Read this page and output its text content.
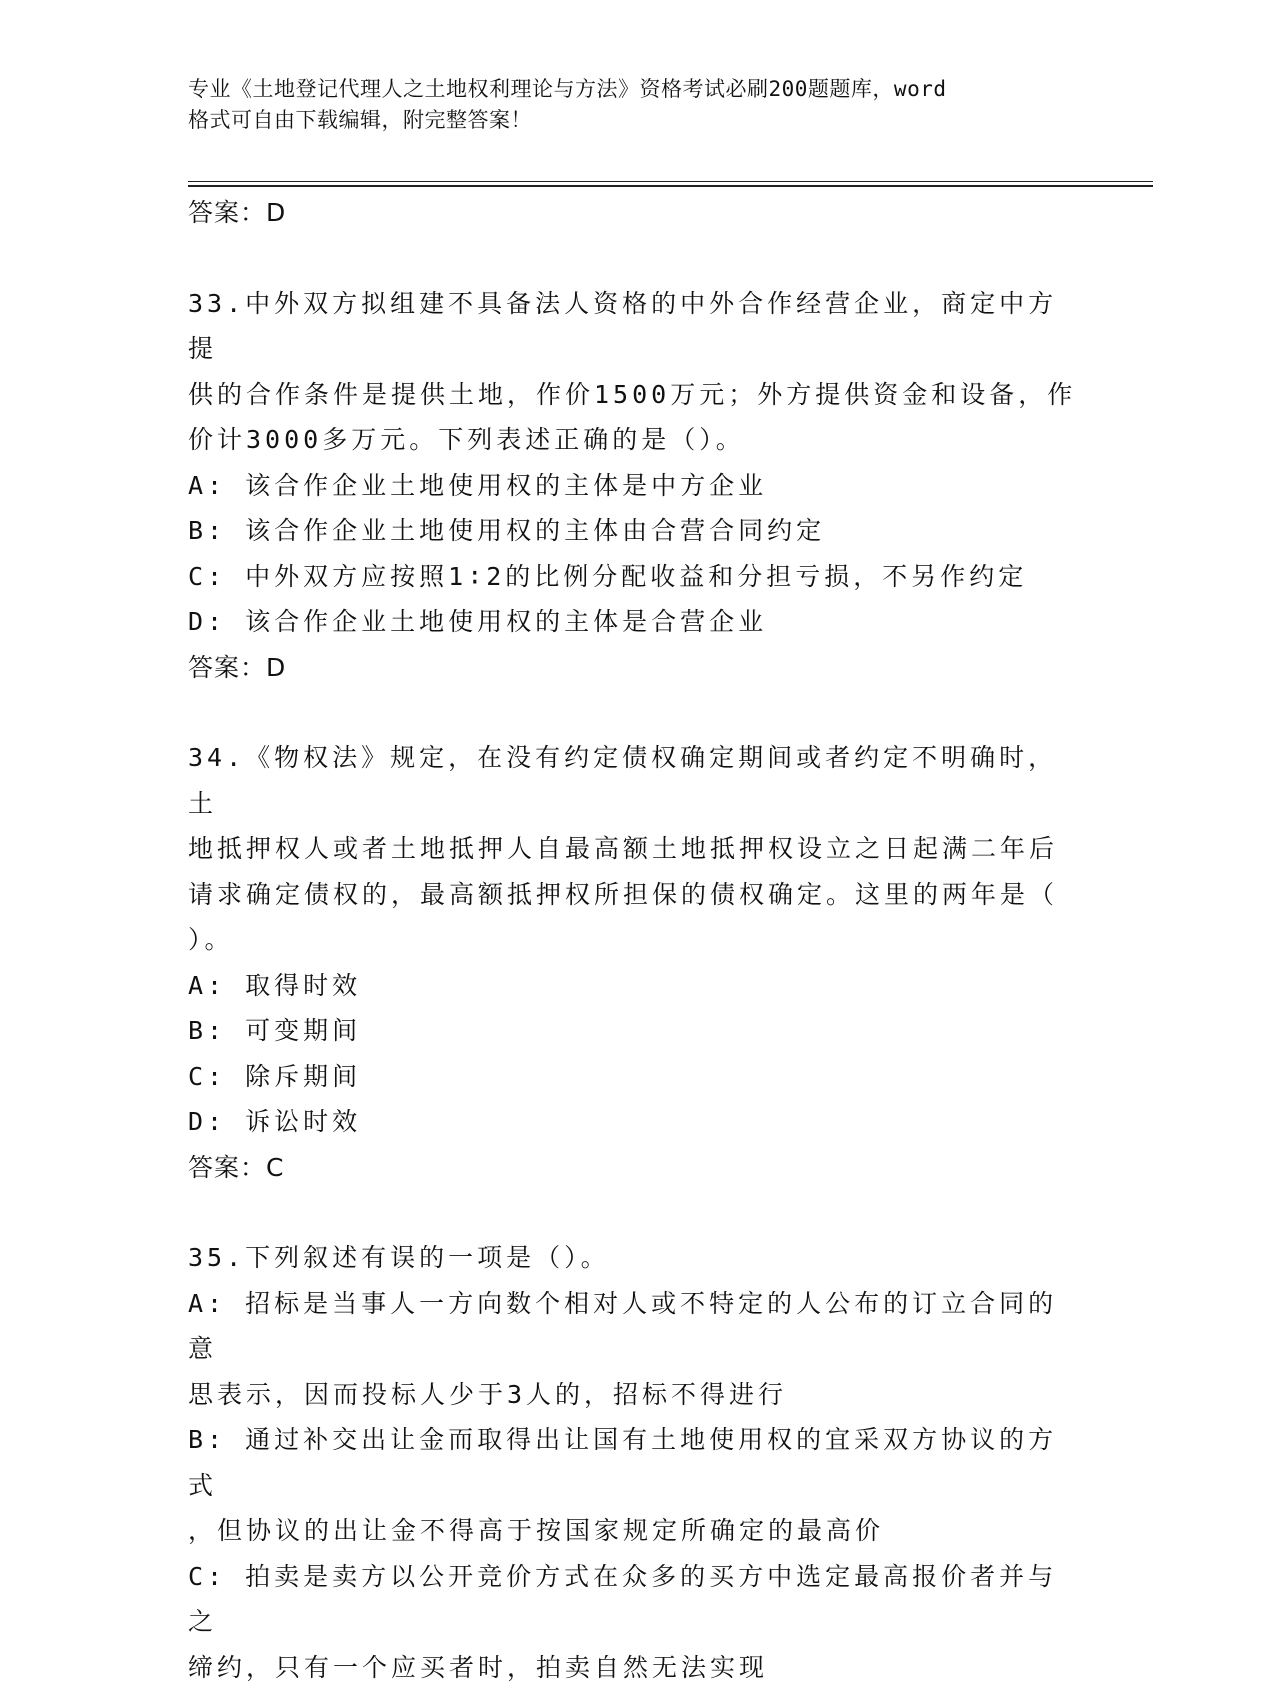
专业《土地登记代理人之土地权利理论与方法》资格考试必刷200题题库，word

格式可自由下载编辑，附完整答案！

答案：D

33.中外双方拟组建不具备法人资格的中外合作经营企业，商定中方提

供的合作条件是提供土地，作价1500万元；外方提供资金和设备，作

价计3000多万元。下列表述正确的是（）。

A: 该合作企业土地使用权的主体是中方企业

B: 该合作企业土地使用权的主体由合营合同约定

C: 中外双方应按照1∶2的比例分配收益和分担亏损，不另作约定

D: 该合作企业土地使用权的主体是合营企业

答案：D

34.《物权法》规定，在没有约定债权确定期间或者约定不明确时，土

地抵押权人或者土地抵押人自最高额土地抵押权设立之日起满二年后

请求确定债权的，最高额抵押权所担保的债权确定。这里的两年是（

）。

A: 取得时效

B: 可变期间

C: 除斥期间

D: 诉讼时效

答案：C

35.下列叙述有误的一项是（）。

A: 招标是当事人一方向数个相对人或不特定的人公布的订立合同的意

思表示，因而投标人少于3人的，招标不得进行

B: 通过补交出让金而取得出让国有土地使用权的宜采双方协议的方式

，但协议的出让金不得高于按国家规定所确定的最高价

C: 拍卖是卖方以公开竞价方式在众多的买方中选定最高报价者并与之

缔约，只有一个应买者时，拍卖自然无法实现
